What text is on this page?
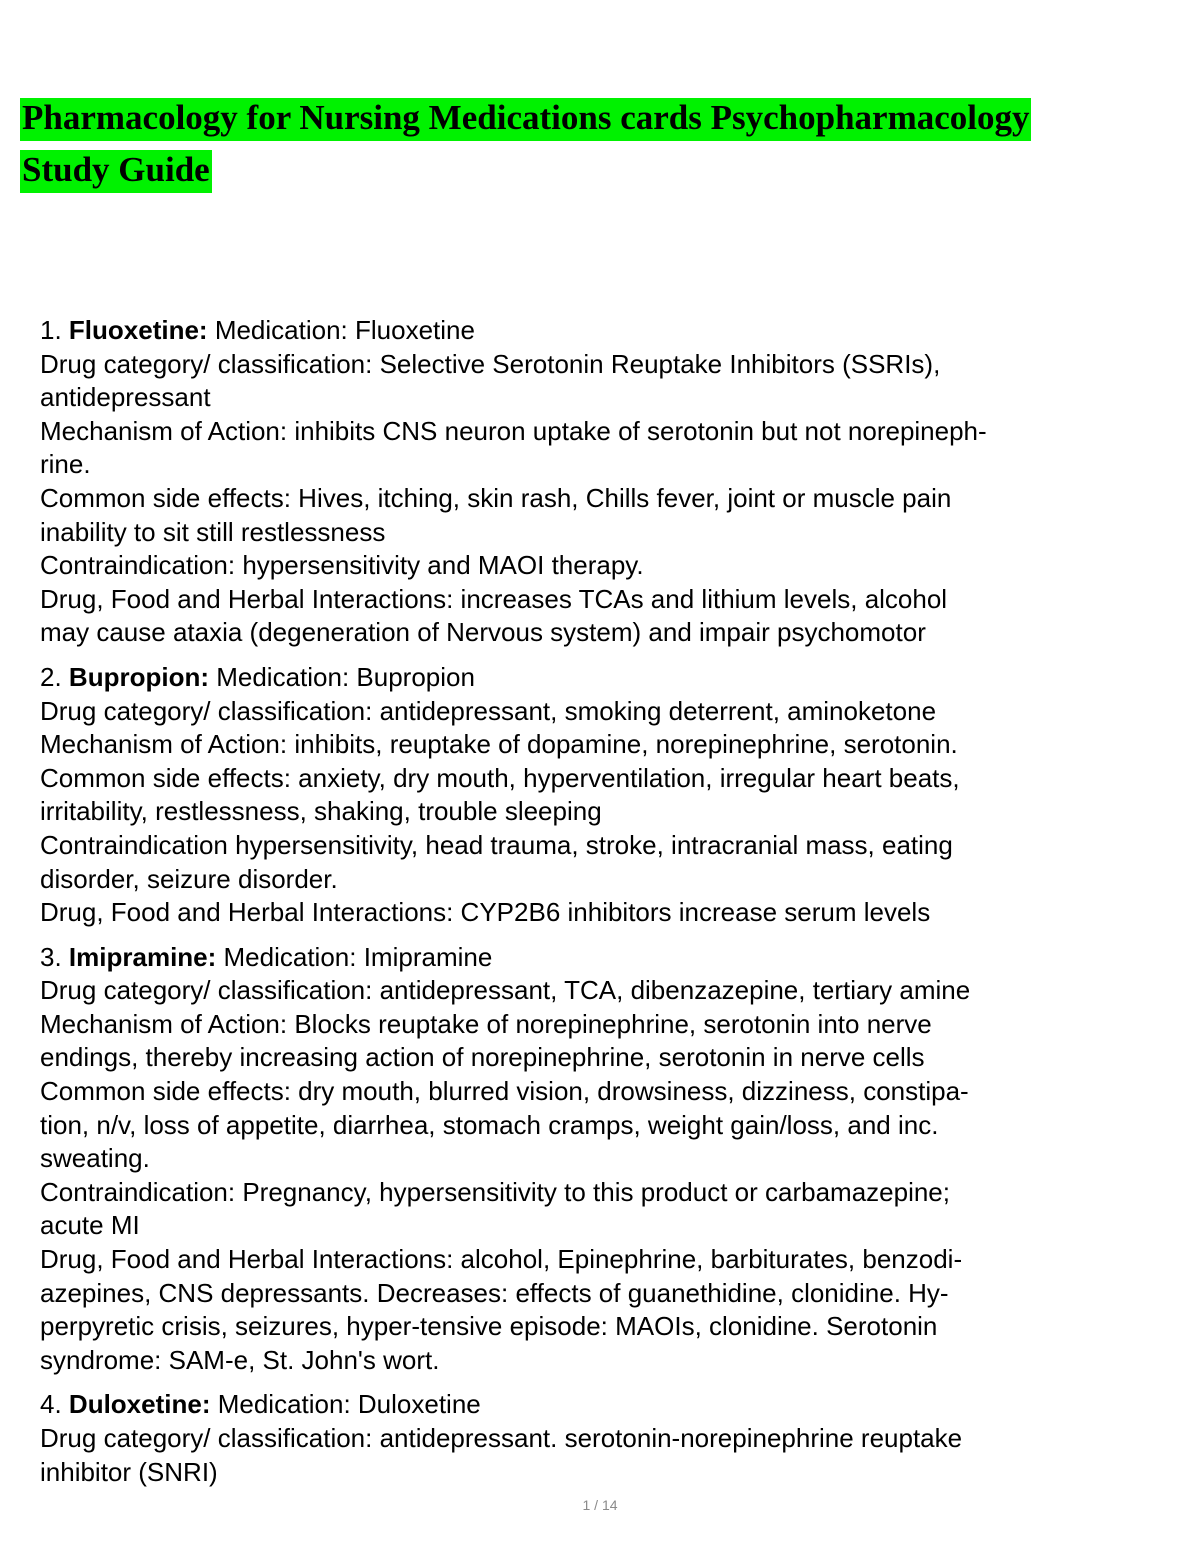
Pharmacology for Nursing Medications cards Psychopharmacology
Study Guide
1. Fluoxetine: Medication: Fluoxetine
Drug category/ classification: Selective Serotonin Reuptake Inhibitors (SSRIs),
antidepressant
Mechanism of Action: inhibits CNS neuron uptake of serotonin but not norepineph-
rine.
Common side effects: Hives, itching, skin rash, Chills fever, joint or muscle pain
inability to sit still restlessness
Contraindication: hypersensitivity and MAOI therapy.
Drug, Food and Herbal Interactions: increases TCAs and lithium levels, alcohol
may cause ataxia (degeneration of Nervous system) and impair psychomotor
2. Bupropion: Medication: Bupropion
Drug category/ classification: antidepressant, smoking deterrent, aminoketone
Mechanism of Action: inhibits, reuptake of dopamine, norepinephrine, serotonin.
Common side effects: anxiety, dry mouth, hyperventilation, irregular heart beats,
irritability, restlessness, shaking, trouble sleeping
Contraindication hypersensitivity, head trauma, stroke, intracranial mass, eating
disorder, seizure disorder.
Drug, Food and Herbal Interactions: CYP2B6 inhibitors increase serum levels
3. Imipramine: Medication: Imipramine
Drug category/ classification: antidepressant, TCA, dibenzazepine, tertiary amine
Mechanism of Action: Blocks reuptake of norepinephrine, serotonin into nerve
endings, thereby increasing action of norepinephrine, serotonin in nerve cells
Common side effects: dry mouth, blurred vision, drowsiness, dizziness, constipa-
tion, n/v, loss of appetite, diarrhea, stomach cramps, weight gain/loss, and inc.
sweating.
Contraindication: Pregnancy, hypersensitivity to this product or carbamazepine;
acute MI
Drug, Food and Herbal Interactions: alcohol, Epinephrine, barbiturates, benzodi-
azepines, CNS depressants. Decreases: effects of guanethidine, clonidine. Hy-
perpyretic crisis, seizures, hyper-tensive episode: MAOIs, clonidine. Serotonin
syndrome: SAM-e, St. John's wort.
4. Duloxetine: Medication: Duloxetine
Drug category/ classification: antidepressant. serotonin-norepinephrine reuptake
inhibitor (SNRI)
1 / 14
